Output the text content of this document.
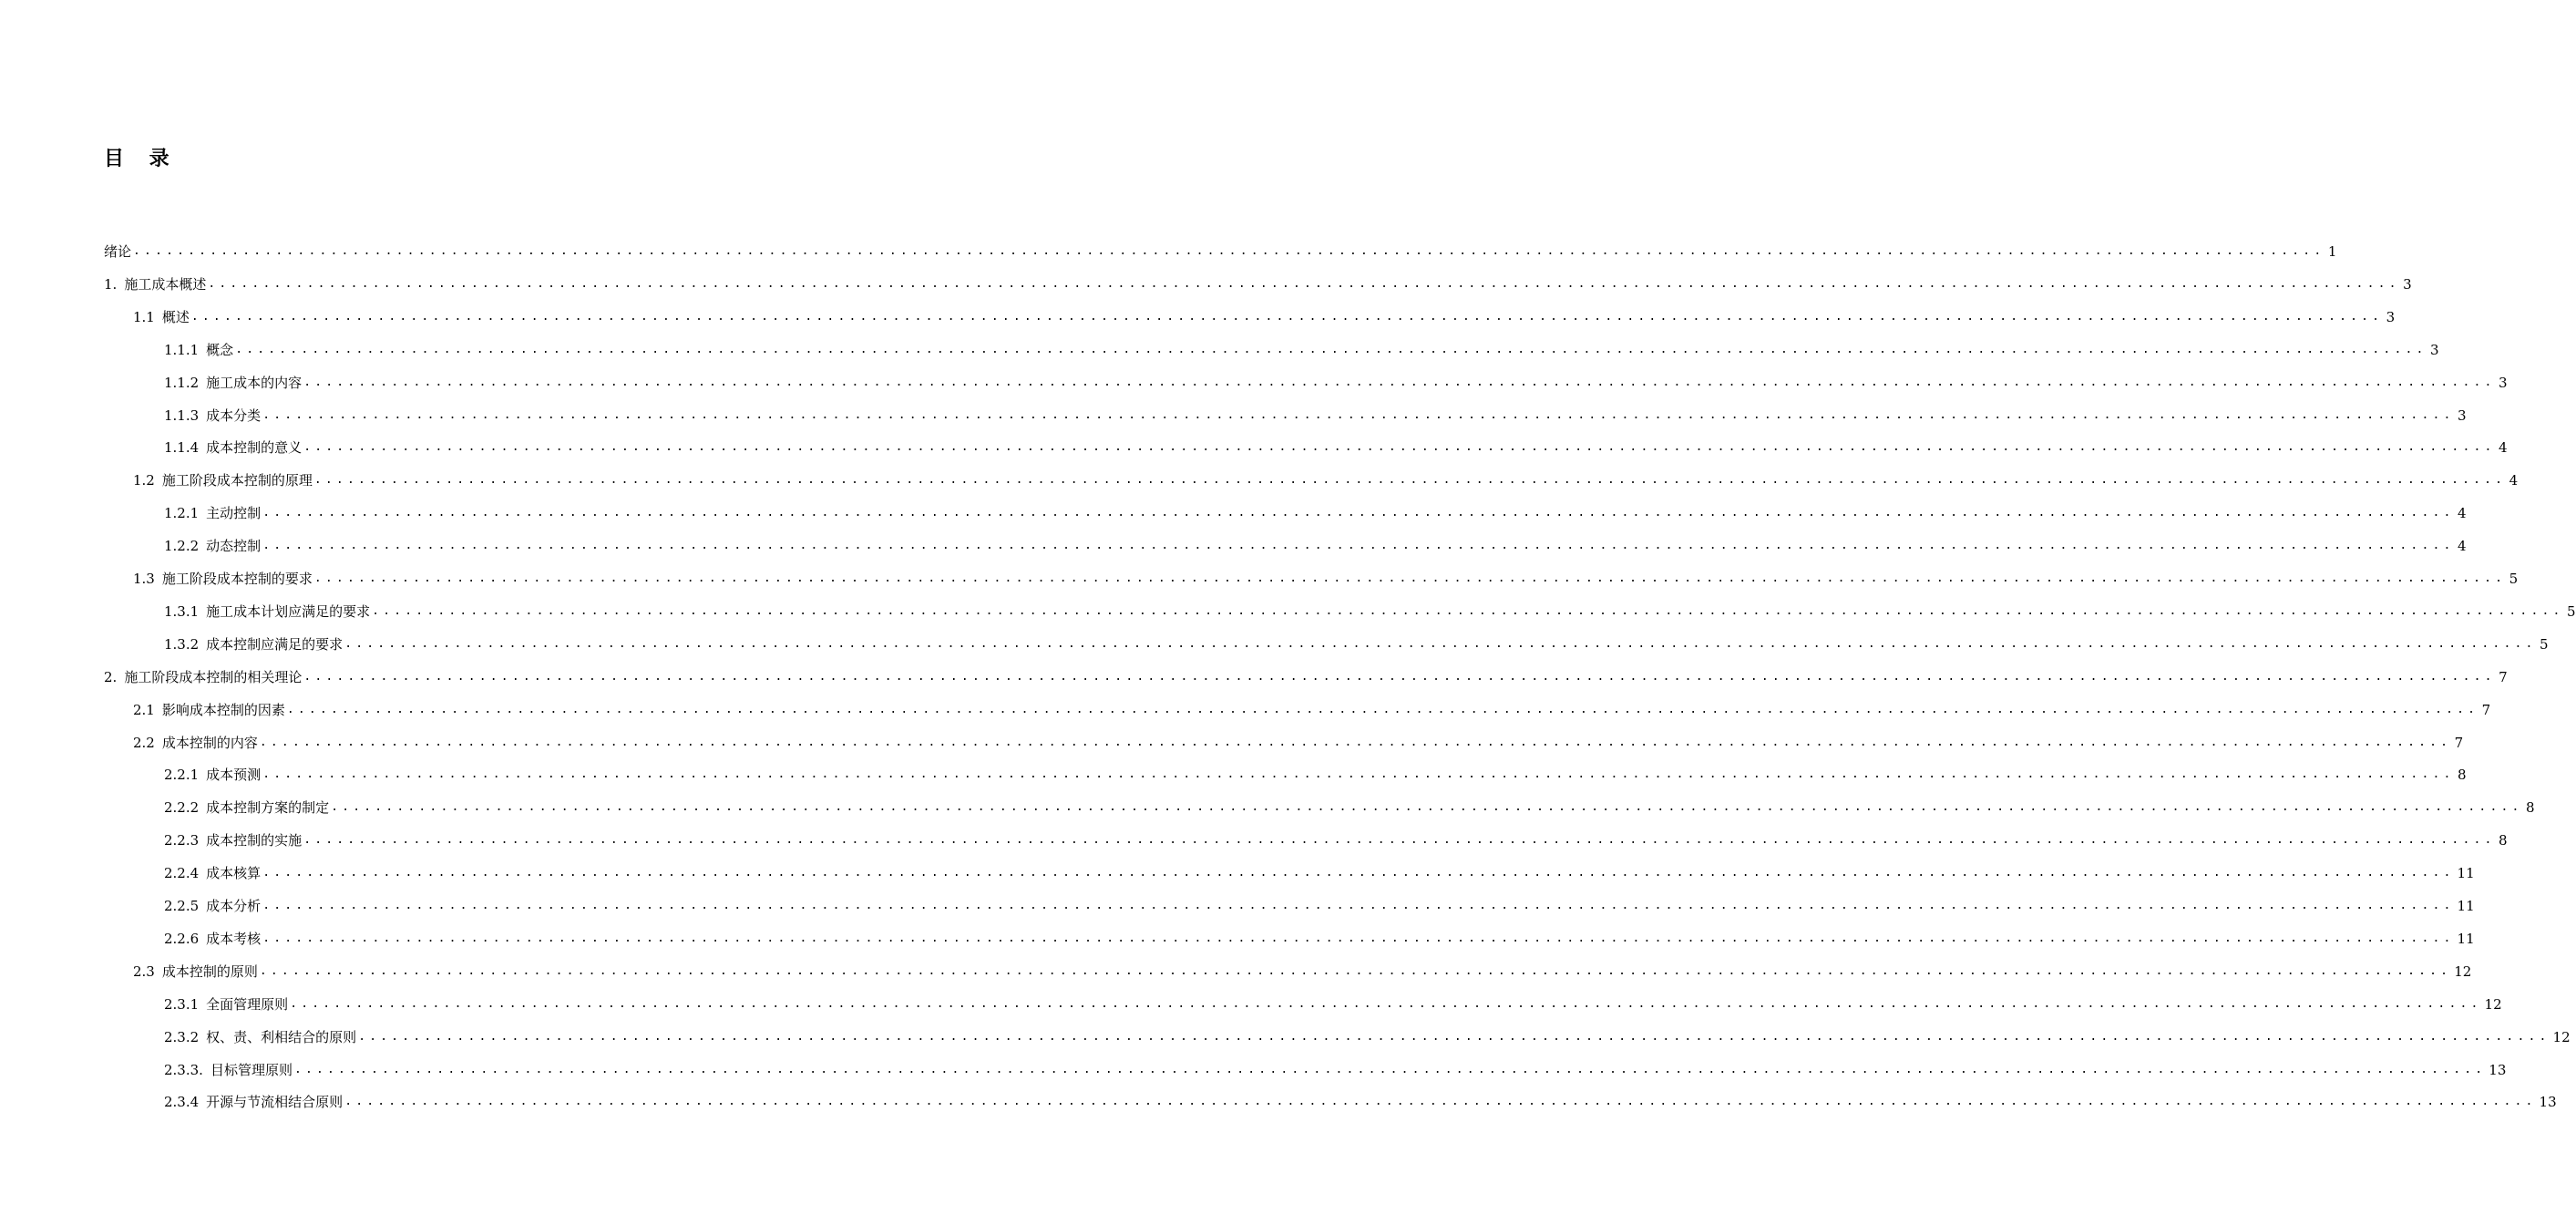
目 录
绪论 ........................................................................................................................................................................................................ 1
1. 施工成本概述 ........................................................................................................................................................................................................ 3
1.1 概述 ........................................................................................................................................................................................................ 3
1.1.1 概念 ........................................................................................................................................................................................................ 3
1.1.2 施工成本的内容 ........................................................................................................................................................................................................ 3
1.1.3 成本分类 ........................................................................................................................................................................................................ 3
1.1.4 成本控制的意义 ........................................................................................................................................................................................................ 4
1.2 施工阶段成本控制的原理 ........................................................................................................................................................................................................ 4
1.2.1 主动控制 ........................................................................................................................................................................................................ 4
1.2.2 动态控制 ........................................................................................................................................................................................................ 4
1.3 施工阶段成本控制的要求 ........................................................................................................................................................................................................ 5
1.3.1 施工成本计划应满足的要求 ........................................................................................................................................................................................................ 5
1.3.2 成本控制应满足的要求 ........................................................................................................................................................................................................ 5
2. 施工阶段成本控制的相关理论 ........................................................................................................................................................................................................ 7
2.1 影响成本控制的因素 ........................................................................................................................................................................................................ 7
2.2 成本控制的内容 ........................................................................................................................................................................................................ 7
2.2.1 成本预测 ........................................................................................................................................................................................................ 8
2.2.2 成本控制方案的制定 ........................................................................................................................................................................................................ 8
2.2.3 成本控制的实施 ........................................................................................................................................................................................................ 8
2.2.4 成本核算 ........................................................................................................................................................................................................ 11
2.2.5 成本分析 ........................................................................................................................................................................................................ 11
2.2.6 成本考核 ........................................................................................................................................................................................................ 11
2.3 成本控制的原则 ........................................................................................................................................................................................................ 12
2.3.1 全面管理原则 ........................................................................................................................................................................................................ 12
2.3.2 权、责、利相结合的原则 ........................................................................................................................................................................................................ 12
2.3.3. 目标管理原则 ........................................................................................................................................................................................................ 13
2.3.4 开源与节流相结合原则 ........................................................................................................................................................................................................ 13
